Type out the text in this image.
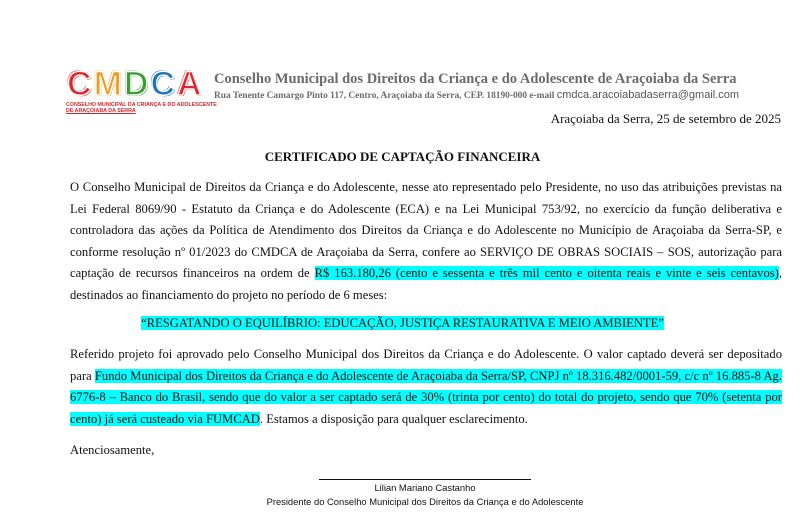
C M D C A
CONSELHO MUNICIPAL DA CRIANÇA E DO ADOLESCENTE
DE ARAÇOIABA DA SERRA
Conselho Municipal dos Direitos da Criança e do Adolescente de Araçoiaba da Serra
Rua Tenente Camargo Pinto 117, Centro, Araçoiaba da Serra, CEP. 18190-000 e-mail cmdca.aracoiabadaserra@gmail.com
Araçoiaba da Serra, 25 de setembro de 2025
CERTIFICADO DE CAPTAÇÃO FINANCEIRA
O Conselho Municipal de Direitos da Criança e do Adolescente, nesse ato representado pelo Presidente, no uso das atribuições previstas na Lei Federal 8069/90 - Estatuto da Criança e do Adolescente (ECA) e na Lei Municipal 753/92, no exercício da função deliberativa e controladora das ações da Política de Atendimento dos Direitos da Criança e do Adolescente no Município de Araçoiaba da Serra-SP, e conforme resolução nº 01/2023 do CMDCA de Araçoiaba da Serra, confere ao SERVIÇO DE OBRAS SOCIAIS – SOS, autorização para captação de recursos financeiros na ordem de R$ 163.180,26 (cento e sessenta e três mil cento e oitenta reais e vinte e seis centavos), destinados ao financiamento do projeto no período de 6 meses:
“RESGATANDO O EQUILÍBRIO: EDUCAÇÃO, JUSTIÇA RESTAURATIVA E MEIO AMBIENTE”
Referido projeto foi aprovado pelo Conselho Municipal dos Direitos da Criança e do Adolescente. O valor captado deverá ser depositado para Fundo Municipal dos Direitos da Criança e do Adolescente de Araçoiaba da Serra/SP, CNPJ nº 18.316.482/0001-59, c/c nº 16.885-8 Ag. 6776-8 – Banco do Brasil, sendo que do valor a ser captado será de 30% (trinta por cento) do total do projeto, sendo que 70% (setenta por cento) já será custeado via FUMCAD. Estamos a disposição para qualquer esclarecimento.
Atenciosamente,
Lilian Mariano Castanho
Presidente do Conselho Municipal dos Direitos da Criança e do Adolescente
